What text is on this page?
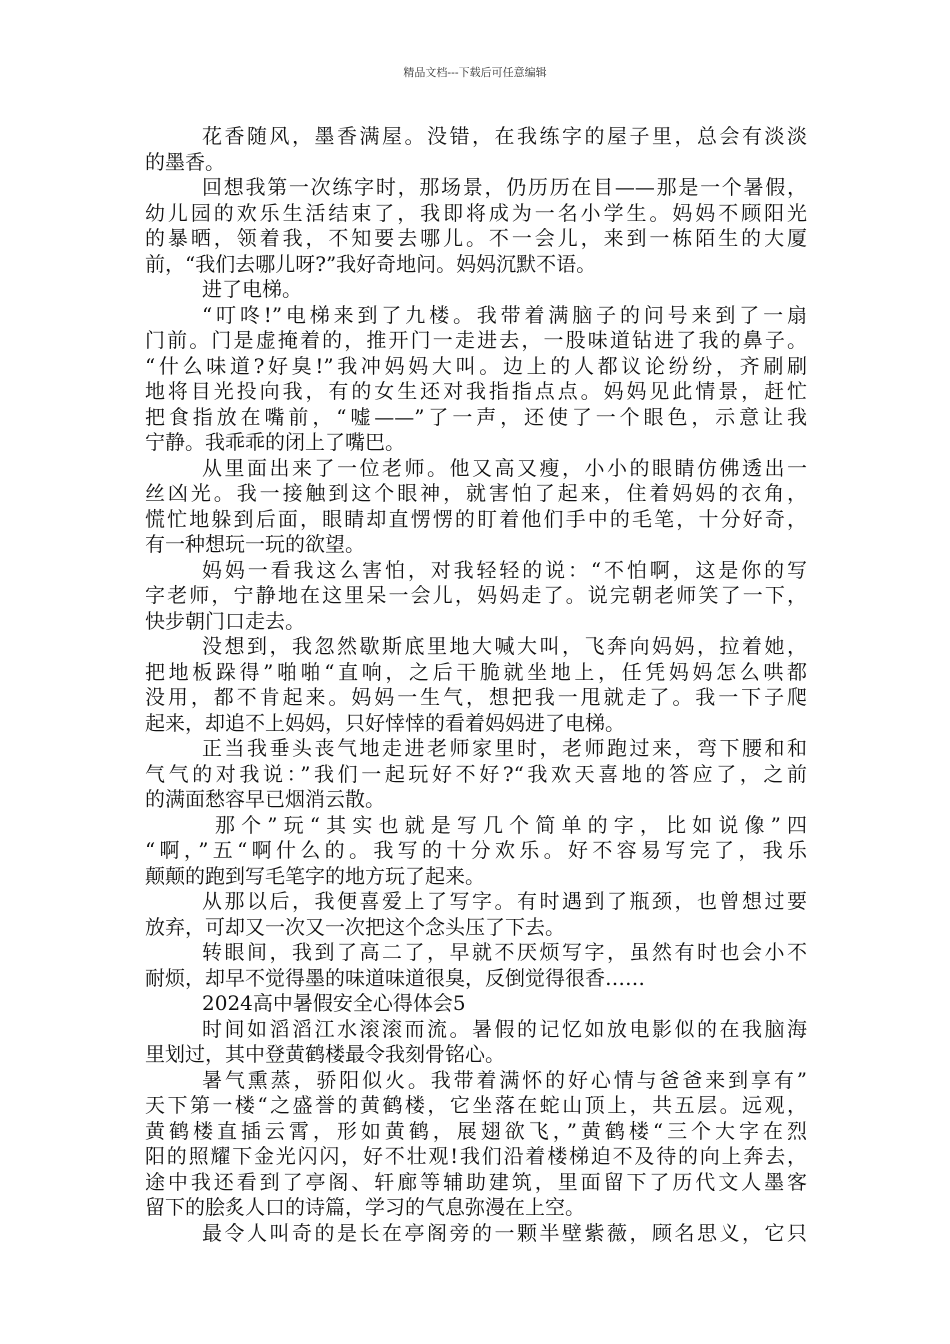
精品文档---下载后可任意编辑
花香随风，墨香满屋。没错，在我练字的屋子里，总会有淡淡
的墨香。
回想我第一次练字时，那场景，仍历历在目——那是一个暑假，
幼儿园的欢乐生活结束了，我即将成为一名小学生。妈妈不顾阳光
的暴晒，领着我，不知要去哪儿。不一会儿，来到一栋陌生的大厦
前，“我们去哪儿呀?”我好奇地问。妈妈沉默不语。
进了电梯。
“叮咚!”电梯来到了九楼。我带着满脑子的问号来到了一扇
门前。门是虚掩着的，推开门一走进去，一股味道钻进了我的鼻子。
“什么味道?好臭!”我冲妈妈大叫。边上的人都议论纷纷，齐刷刷
地将目光投向我，有的女生还对我指指点点。妈妈见此情景，赶忙
把食指放在嘴前，“嘘——”了一声，还使了一个眼色，示意让我
宁静。我乖乖的闭上了嘴巴。
从里面出来了一位老师。他又高又瘦，小小的眼睛仿佛透出一
丝凶光。我一接触到这个眼神，就害怕了起来，住着妈妈的衣角，
慌忙地躲到后面，眼睛却直愣愣的盯着他们手中的毛笔，十分好奇，
有一种想玩一玩的欲望。
妈妈一看我这么害怕，对我轻轻的说：“不怕啊，这是你的写
字老师，宁静地在这里呆一会儿，妈妈走了。说完朝老师笑了一下，
快步朝门口走去。
没想到，我忽然歇斯底里地大喊大叫，飞奔向妈妈，拉着她，
把地板跺得”啪啪“直响，之后干脆就坐地上，任凭妈妈怎么哄都
没用，都不肯起来。妈妈一生气，想把我一甩就走了。我一下子爬
起来，却追不上妈妈，只好悻悻的看着妈妈进了电梯。
正当我垂头丧气地走进老师家里时，老师跑过来，弯下腰和和
气气的对我说：”我们一起玩好不好?“我欢天喜地的答应了，之前
的满面愁容早已烟消云散。
那个”玩“其实也就是写几个简单的字，比如说像”四
“啊，”五“啊什么的。我写的十分欢乐。好不容易写完了，我乐
颠颠的跑到写毛笔字的地方玩了起来。
从那以后，我便喜爱上了写字。有时遇到了瓶颈，也曾想过要
放弃，可却又一次又一次把这个念头压了下去。
转眼间，我到了高二了，早就不厌烦写字，虽然有时也会小不
耐烦，却早不觉得墨的味道味道很臭，反倒觉得很香……
2024高中暑假安全心得体会5
时间如滔滔江水滚滚而流。暑假的记忆如放电影似的在我脑海
里划过，其中登黄鹤楼最令我刻骨铭心。
暑气熏蒸，骄阳似火。我带着满怀的好心情与爸爸来到享有”
天下第一楼“之盛誉的黄鹤楼，它坐落在蛇山顶上，共五层。远观，
黄鹤楼直插云霄，形如黄鹤，展翅欲飞，”黄鹤楼“三个大字在烈
阳的照耀下金光闪闪，好不壮观!我们沿着楼梯迫不及待的向上奔去，
途中我还看到了亭阁、轩廊等辅助建筑，里面留下了历代文人墨客
留下的脍炙人口的诗篇，学习的气息弥漫在上空。
最令人叫奇的是长在亭阁旁的一颗半壁紫薇，顾名思义，它只
